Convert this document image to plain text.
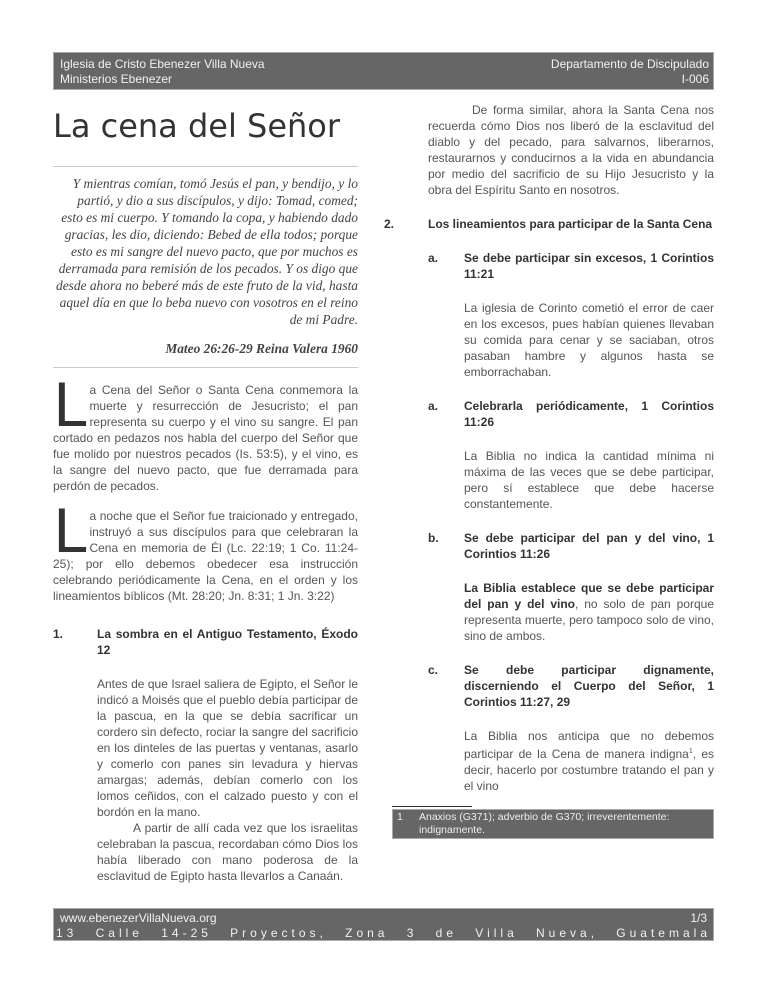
Iglesia de Cristo Ebenezer Villa Nueva
Ministerios Ebenezer
Departamento de Discipulado
I-006
La cena del Señor
Y mientras comían, tomó Jesús el pan, y bendijo, y lo partió, y dio a sus discípulos, y dijo: Tomad, comed; esto es mi cuerpo. Y tomando la copa, y habiendo dado gracias, les dio, diciendo: Bebed de ella todos; porque esto es mi sangre del nuevo pacto, que por muchos es derramada para remisión de los pecados. Y os digo que desde ahora no beberé más de este fruto de la vid, hasta aquel día en que lo beba nuevo con vosotros en el reino de mi Padre.
Mateo 26:26-29 Reina Valera 1960

La Cena del Señor o Santa Cena conmemora la muerte y resurrección de Jesucristo; el pan representa su cuerpo y el vino su sangre. El pan cortado en pedazos nos habla del cuerpo del Señor que fue molido por nuestros pecados (Is. 53:5), y el vino, es la sangre del nuevo pacto, que fue derramada para perdón de pecados.

La noche que el Señor fue traicionado y entregado, instruyó a sus discípulos para que celebraran la Cena en memoria de Él (Lc. 22:19; 1 Co. 11:24-25); por ello debemos obedecer esa instrucción celebrando periódicamente la Cena, en el orden y los lineamientos bíblicos (Mt. 28:20; Jn. 8:31; 1 Jn. 3:22)

1.	La sombra en el Antiguo Testamento, Éxodo 12

Antes de que Israel saliera de Egipto, el Señor le indicó a Moisés que el pueblo debía participar de la pascua, en la que se debía sacrificar un cordero sin defecto, rociar la sangre del sacrificio en los dinteles de las puertas y ventanas, asarlo y comerlo con panes sin levadura y hiervas amargas; además, debían comerlo con los lomos ceñidos, con el calzado puesto y con el bordón en la mano.

A partir de allí cada vez que los israelitas celebraban la pascua, recordaban cómo Dios los había liberado con mano poderosa de la esclavitud de Egipto hasta llevarlos a Canaán.

De forma similar, ahora la Santa Cena nos recuerda cómo Dios nos liberó de la esclavitud del diablo y del pecado, para salvarnos, liberarnos, restaurarnos y conducirnos a la vida en abundancia por medio del sacrificio de su Hijo Jesucristo y la obra del Espíritu Santo en nosotros.

2.	Los lineamientos para participar de la Santa Cena
a.	Se debe participar sin excesos, 1 Corintios 11:21

La iglesia de Corinto cometió el error de caer en los excesos, pues habían quienes llevaban su comida para cenar y se saciaban, otros pasaban hambre y algunos hasta se emborrachaban.

a.	Celebrarla periódicamente, 1 Corintios 11:26

La Biblia no indica la cantidad mínima ni máxima de las veces que se debe participar, pero sí establece que debe hacerse constantemente.

b.	Se debe participar del pan y del vino, 1 Corintios 11:26

La Biblia establece que se debe participar del pan y del vino, no solo de pan porque representa muerte, pero tampoco solo de vino, sino de ambos.

c.	Se debe participar dignamente, discerniendo el Cuerpo del Señor, 1 Corintios 11:27, 29

La Biblia nos anticipa que no debemos participar de la Cena de manera indigna$^1$, es decir, hacerlo por costumbre tratando el pan y el vino

1	Anaxios (G371); adverbio de G370; irreverentemente: indignamente.
www.ebenezerVillaNueva.org	1/3
13 Calle 14-25 Proyectos, Zona 3 de Villa Nueva, Guatemala
